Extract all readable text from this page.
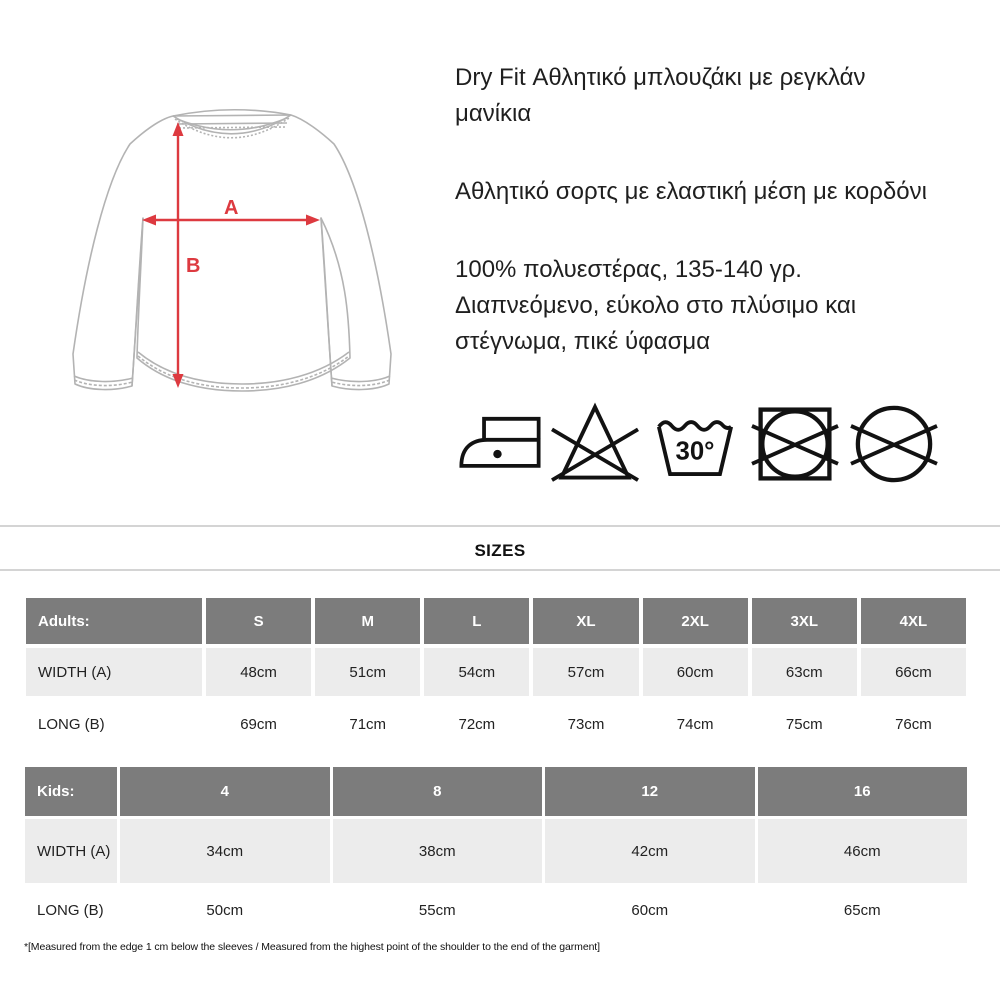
A
B

Dry Fit Αθλητικό μπλουζάκι με ρεγκλάν μανίκια

Αθλητικό σορτς με ελαστική μέση με κορδόνι

100% πολυεστέρας, 135-140 γρ.
Διαπνεόμενο, εύκολο στο πλύσιμο και στέγνωμα, πικέ ύφασμα

30°
SIZES
Adults:	S	M	L	XL	2XL	3XL	4XL
WIDTH (A)	48cm	51cm	54cm	57cm	60cm	63cm	66cm
LONG (B)	69cm	71cm	72cm	73cm	74cm	75cm	76cm
Kids:	4	8	12	16
WIDTH (A)	34cm	38cm	42cm	46cm
LONG (B)	50cm	55cm	60cm	65cm
*[Measured from the edge 1 cm below the sleeves / Measured from the highest point of the shoulder to the end of the garment]
